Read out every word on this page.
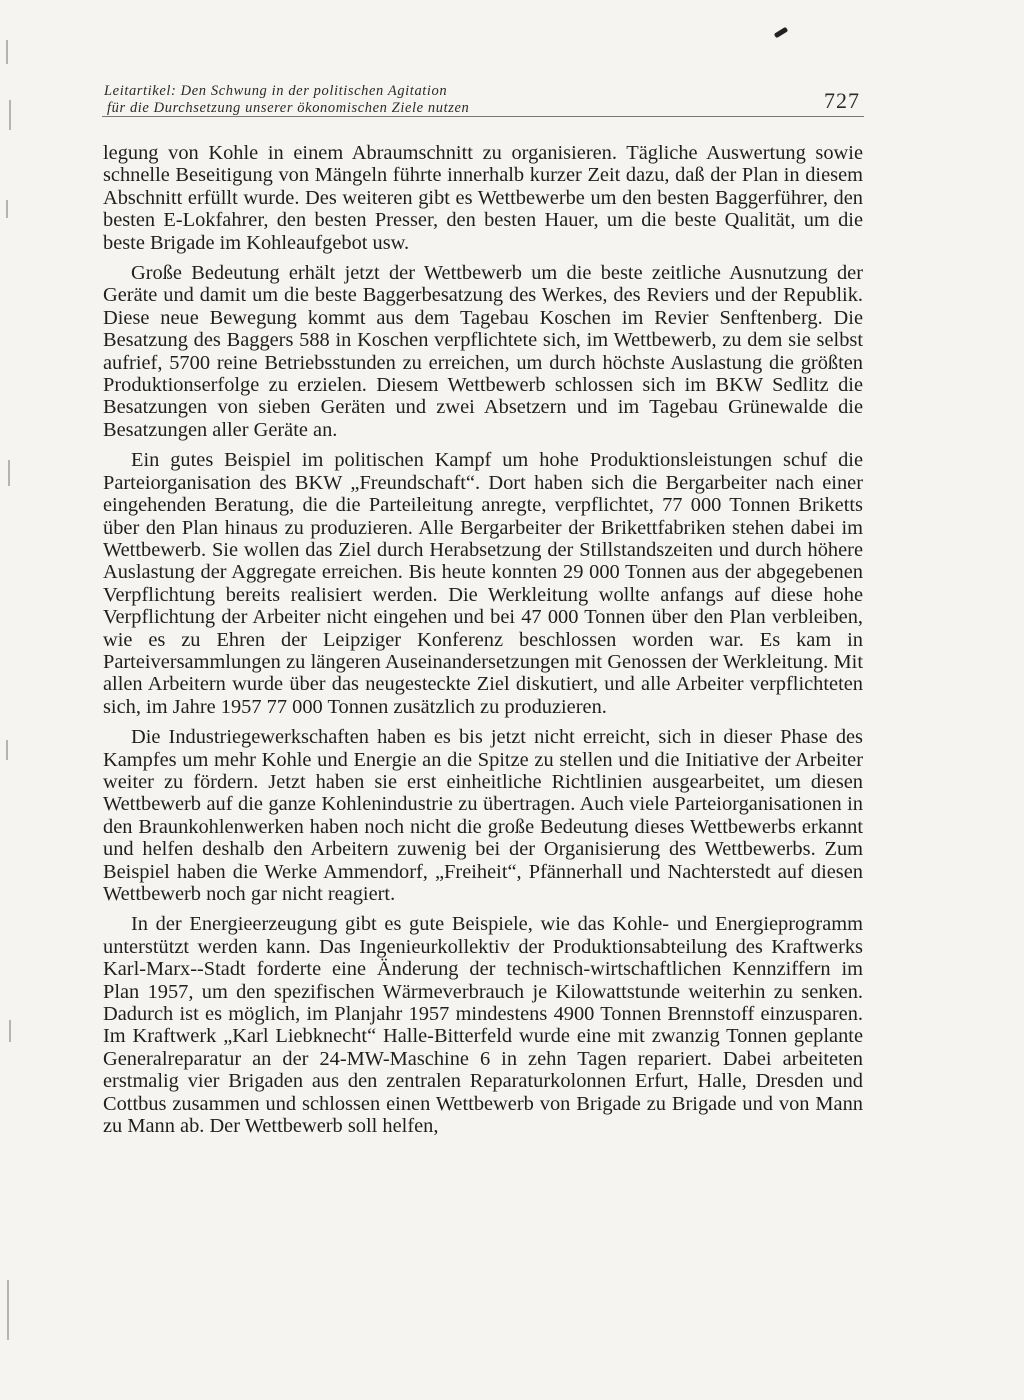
Leitartikel: Den Schwung in der politischen Agitation
für die Durchsetzung unserer ökonomischen Ziele nutzen	727

legung von Kohle in einem Abraumschnitt zu organisieren. Tägliche Auswertung sowie schnelle Beseitigung von Mängeln führte innerhalb kurzer Zeit dazu, daß der Plan in diesem Abschnitt erfüllt wurde. Des weiteren gibt es Wettbewerbe um den besten Baggerführer, den besten E-Lokfahrer, den besten Presser, den besten Hauer, um die beste Qualität, um die beste Brigade im Kohleaufgebot usw.

Große Bedeutung erhält jetzt der Wettbewerb um die beste zeitliche Ausnutzung der Geräte und damit um die beste Baggerbesatzung des Werkes, des Reviers und der Republik. Diese neue Bewegung kommt aus dem Tagebau Koschen im Revier Senftenberg. Die Besatzung des Baggers 588 in Koschen verpflichtete sich, im Wettbewerb, zu dem sie selbst aufrief, 5700 reine Betriebsstunden zu erreichen, um durch höchste Auslastung die größten Produktionserfolge zu erzielen. Diesem Wettbewerb schlossen sich im BKW Sedlitz die Besatzungen von sieben Geräten und zwei Absetzern und im Tagebau Grünewalde die Besatzungen aller Geräte an.

Ein gutes Beispiel im politischen Kampf um hohe Produktionsleistungen schuf die Parteiorganisation des BKW „Freundschaft“. Dort haben sich die Bergarbeiter nach einer eingehenden Beratung, die die Parteileitung anregte, verpflichtet, 77 000 Tonnen Briketts über den Plan hinaus zu produzieren. Alle Bergarbeiter der Brikettfabriken stehen dabei im Wettbewerb. Sie wollen das Ziel durch Herabsetzung der Stillstandszeiten und durch höhere Auslastung der Aggregate erreichen. Bis heute konnten 29 000 Tonnen aus der abgegebenen Verpflichtung bereits realisiert werden. Die Werkleitung wollte anfangs auf diese hohe Verpflichtung der Arbeiter nicht eingehen und bei 47 000 Tonnen über den Plan verbleiben, wie es zu Ehren der Leipziger Konferenz beschlossen worden war. Es kam in Parteiversammlungen zu längeren Auseinandersetzungen mit Genossen der Werkleitung. Mit allen Arbeitern wurde über das neugesteckte Ziel diskutiert, und alle Arbeiter verpflichteten sich, im Jahre 1957 77 000 Tonnen zusätzlich zu produzieren.

Die Industriegewerkschaften haben es bis jetzt nicht erreicht, sich in dieser Phase des Kampfes um mehr Kohle und Energie an die Spitze zu stellen und die Initiative der Arbeiter weiter zu fördern. Jetzt haben sie erst einheitliche Richtlinien ausgearbeitet, um diesen Wettbewerb auf die ganze Kohlenindustrie zu übertragen. Auch viele Parteiorganisationen in den Braunkohlenwerken haben noch nicht die große Bedeutung dieses Wettbewerbs erkannt und helfen deshalb den Arbeitern zuwenig bei der Organisierung des Wettbewerbs. Zum Beispiel haben die Werke Ammendorf, „Freiheit“, Pfännerhall und Nachterstedt auf diesen Wettbewerb noch gar nicht reagiert.

In der Energieerzeugung gibt es gute Beispiele, wie das Kohle- und Energieprogramm unterstützt werden kann. Das Ingenieurkollektiv der Produktionsabteilung des Kraftwerks Karl-Marx--Stadt forderte eine Änderung der technisch-wirtschaftlichen Kennziffern im Plan 1957, um den spezifischen Wärmeverbrauch je Kilowattstunde weiterhin zu senken. Dadurch ist es möglich, im Planjahr 1957 mindestens 4900 Tonnen Brennstoff einzusparen. Im Kraftwerk „Karl Liebknecht“ Halle-Bitterfeld wurde eine mit zwanzig Tonnen geplante Generalreparatur an der 24-MW-Maschine 6 in zehn Tagen repariert. Dabei arbeiteten erstmalig vier Brigaden aus den zentralen Reparaturkolonnen Erfurt, Halle, Dresden und Cottbus zusammen und schlossen einen Wettbewerb von Brigade zu Brigade und von Mann zu Mann ab. Der Wettbewerb soll helfen,
